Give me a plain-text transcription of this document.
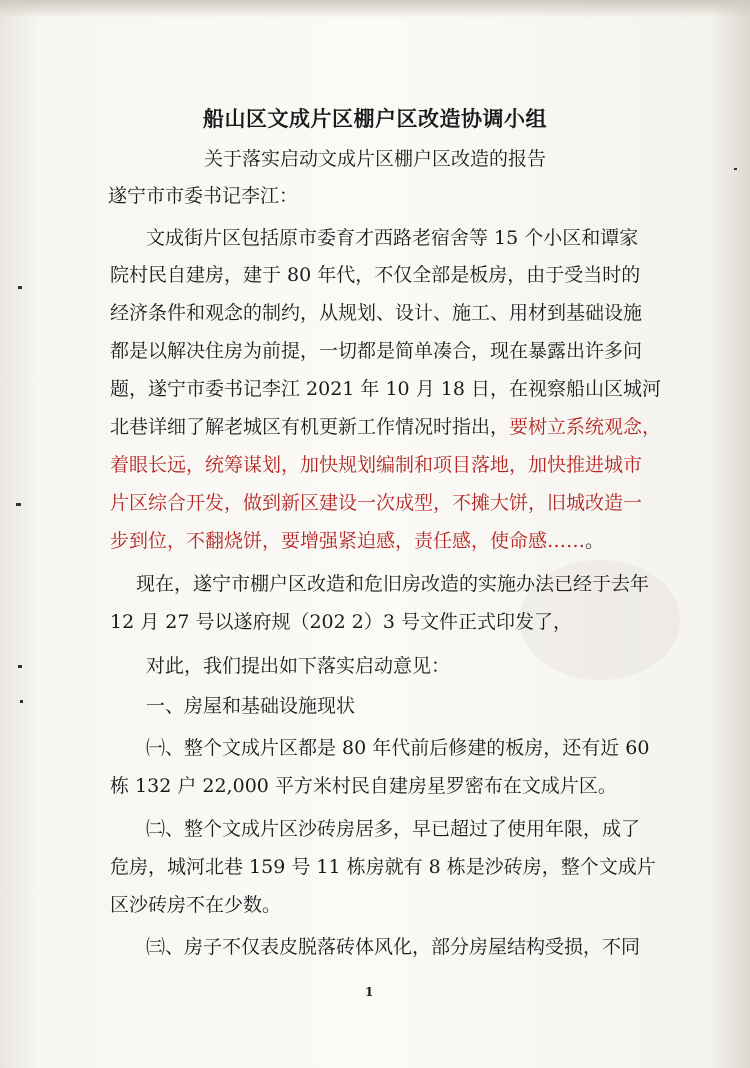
船山区文成片区棚户区改造协调小组
关于落实启动文成片区棚户区改造的报告
遂宁市市委书记李江：
文成街片区包括原市委育才西路老宿舍等 15 个小区和谭家
院村民自建房，建于 80 年代，不仅全部是板房，由于受当时的
经济条件和观念的制约，从规划、设计、施工、用材到基础设施
都是以解决住房为前提，一切都是简单凑合，现在暴露出许多问
题，遂宁市委书记李江 2021 年 10 月 18 日，在视察船山区城河
北巷详细了解老城区有机更新工作情况时指出，要树立系统观念，
着眼长远，统筹谋划，加快规划编制和项目落地，加快推进城市
片区综合开发，做到新区建设一次成型，不摊大饼，旧城改造一
步到位，不翻烧饼，要增强紧迫感，责任感，使命感……。
现在，遂宁市棚户区改造和危旧房改造的实施办法已经于去年
12 月 27 号以遂府规（202 2）3 号文件正式印发了，
对此，我们提出如下落实启动意见：
一、房屋和基础设施现状
㈠、整个文成片区都是 80 年代前后修建的板房，还有近 60
栋 132 户 22,000 平方米村民自建房星罗密布在文成片区。
㈡、整个文成片区沙砖房居多，早已超过了使用年限，成了
危房，城河北巷 159 号 11 栋房就有 8 栋是沙砖房，整个文成片
区沙砖房不在少数。
㈢、房子不仅表皮脱落砖体风化，部分房屋结构受损，不同
1
